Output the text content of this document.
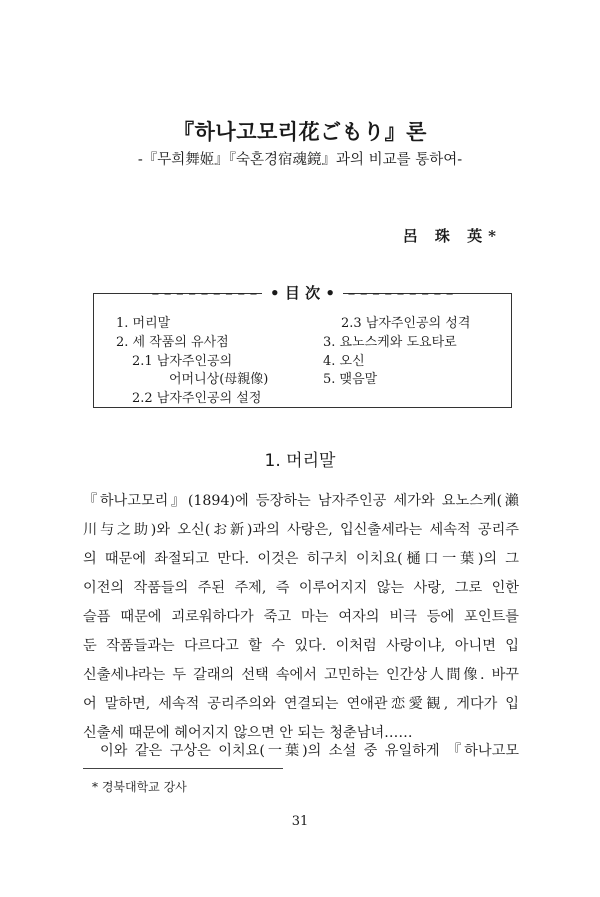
『하나고모리花ごもり』론
-『무희舞姬』『숙혼경宿魂鏡』과의 비교를 통하여-
呂 珠 英*
– – – – – – – – – • 目 次 • – – – – – – – – –
1. 머리말
2. 세 작품의 유사점
2.1 남자주인공의
어머니상(母親像)
2.2 남자주인공의 설정
2.3 남자주인공의 성격
3. 요노스케와 도요타로
4. 오신
5. 맺음말
1. 머리말
『하나고모리』(1894)에 등장하는 남자주인공 세가와 요노스케(瀨
川与之助)와 오신(お新)과의 사랑은, 입신출세라는 세속적 공리주
의 때문에 좌절되고 만다. 이것은 히구치 이치요(樋口一葉)의 그
이전의 작품들의 주된 주제, 즉 이루어지지 않는 사랑, 그로 인한
슬픔 때문에 괴로워하다가 죽고 마는 여자의 비극 등에 포인트를
둔 작품들과는 다르다고 할 수 있다. 이처럼 사랑이냐, 아니면 입
신출세냐라는 두 갈래의 선택 속에서 고민하는 인간상人間像. 바꾸
어 말하면, 세속적 공리주의와 연결되는 연애관恋愛観, 게다가 입
신출세 때문에 헤어지지 않으면 안 되는 청춘남녀……
이와 같은 구상은 이치요(一葉)의 소설 중 유일하게 『하나고모
* 경북대학교 강사
31
